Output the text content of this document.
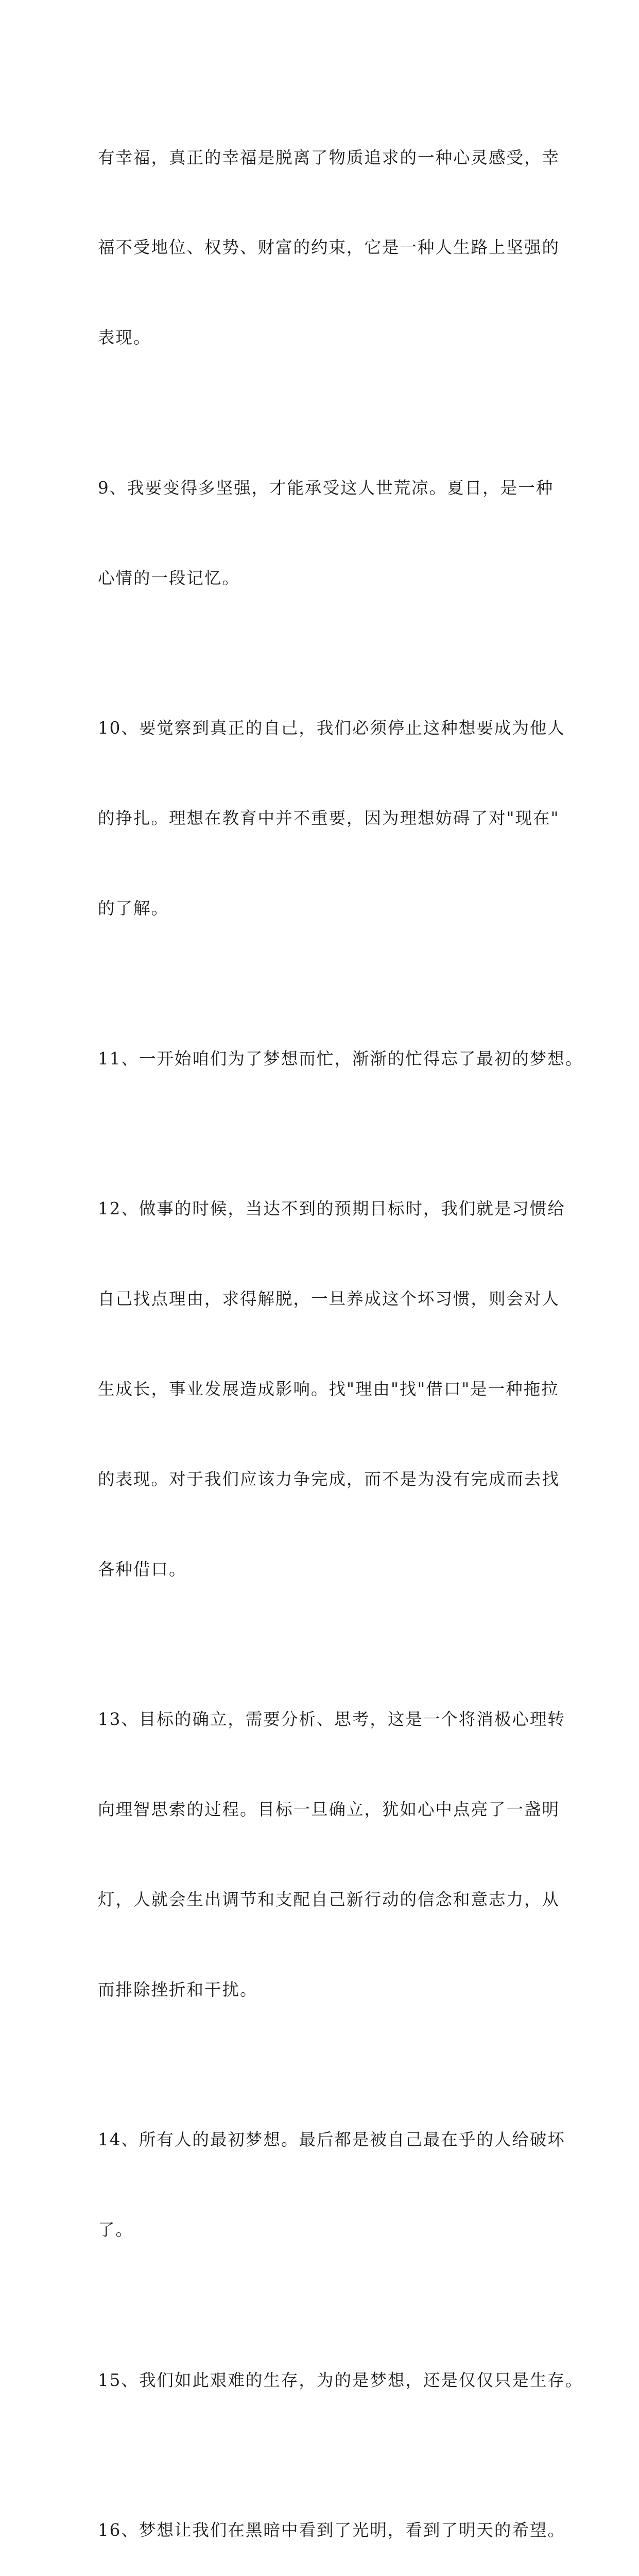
有幸福，真正的幸福是脱离了物质追求的一种心灵感受，幸

福不受地位、权势、财富的约束，它是一种人生路上坚强的

表现。

9、我要变得多坚强，才能承受这人世荒凉。夏日，是一种

心情的一段记忆。

10、要觉察到真正的自己，我们必须停止这种想要成为他人

的挣扎。理想在教育中并不重要，因为理想妨碍了对"现在"

的了解。

11、一开始咱们为了梦想而忙，渐渐的忙得忘了最初的梦想。

12、做事的时候，当达不到的预期目标时，我们就是习惯给

自己找点理由，求得解脱，一旦养成这个坏习惯，则会对人

生成长，事业发展造成影响。找"理由"找"借口"是一种拖拉

的表现。对于我们应该力争完成，而不是为没有完成而去找

各种借口。

13、目标的确立，需要分析、思考，这是一个将消极心理转

向理智思索的过程。目标一旦确立，犹如心中点亮了一盏明

灯，人就会生出调节和支配自己新行动的信念和意志力，从

而排除挫折和干扰。

14、所有人的最初梦想。最后都是被自己最在乎的人给破坏

了。

15、我们如此艰难的生存，为的是梦想，还是仅仅只是生存。

16、梦想让我们在黑暗中看到了光明，看到了明天的希望。
